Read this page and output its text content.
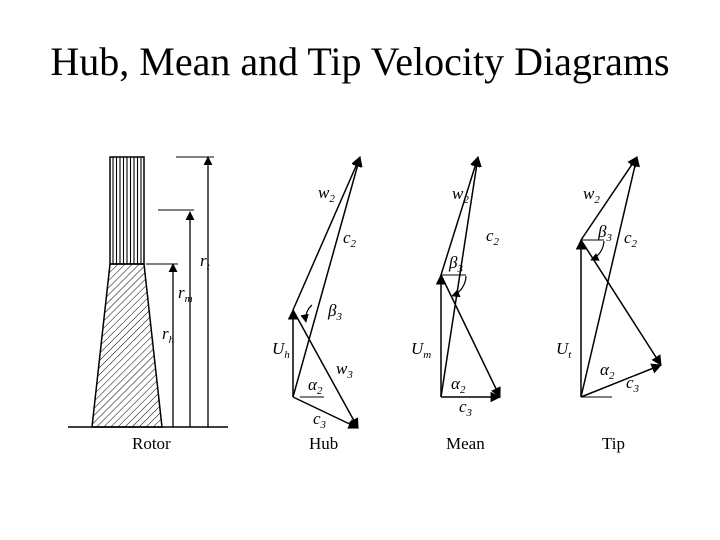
Hub, Mean and Tip Velocity Diagrams
$r_t$
$r_m$
$r_h$
Rotor
$w_2$
$c_2$
$\beta_3$
$U_h$
$w_3$
$\alpha_2$
$c_3$
Hub
$w_2$
$c_2$
$\beta_3$
$U_m$
$\alpha_2$
$c_3$
Mean
$w_2$
$\beta_3$ $c_2$
$U_t$
$\alpha_2$ $c_3$
Tip
